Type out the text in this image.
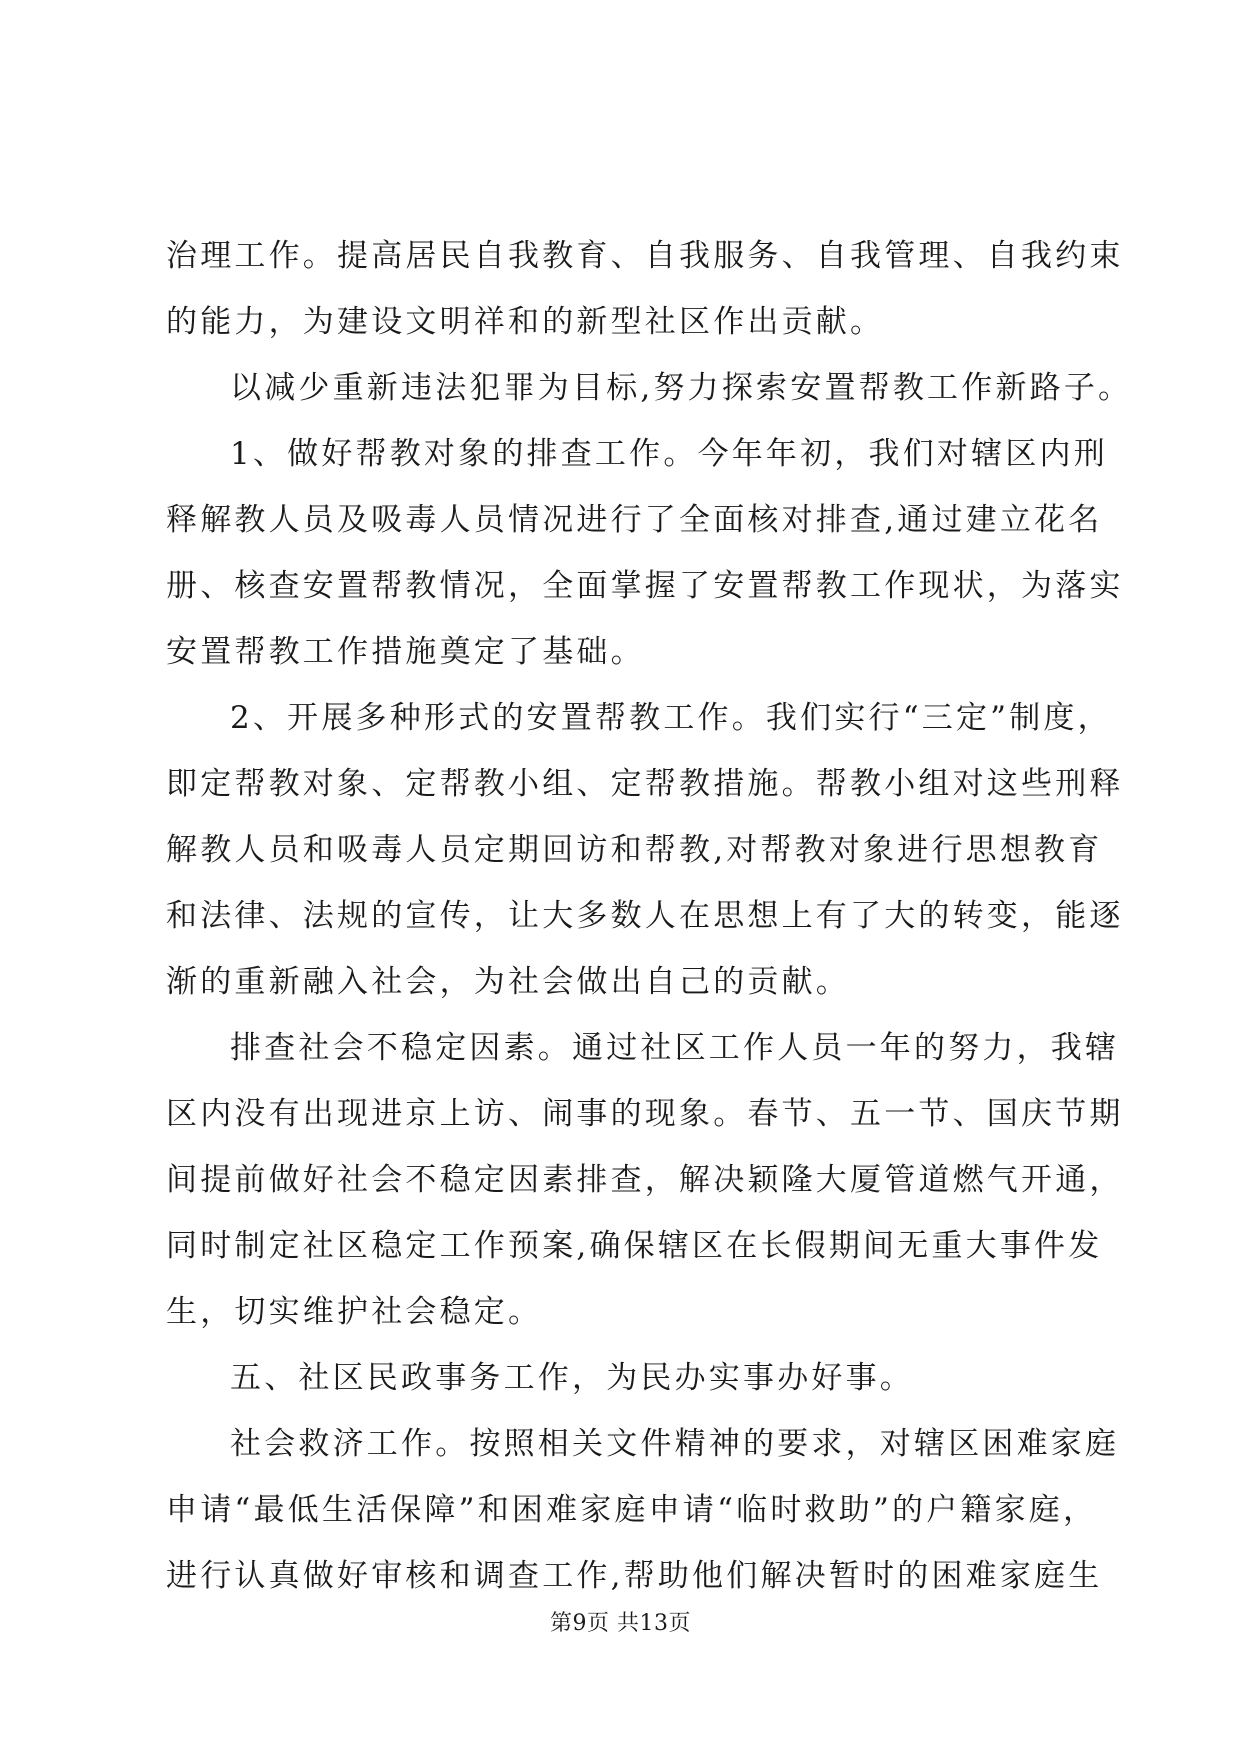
治理工作。提高居民自我教育、自我服务、自我管理、自我约束
的能力，为建设文明祥和的新型社区作出贡献。
以减少重新违法犯罪为目标,努力探索安置帮教工作新路子。
1、做好帮教对象的排查工作。今年年初，我们对辖区内刑
释解教人员及吸毒人员情况进行了全面核对排查,通过建立花名
册、核查安置帮教情况，全面掌握了安置帮教工作现状，为落实
安置帮教工作措施奠定了基础。
2、开展多种形式的安置帮教工作。我们实行“三定”制度，
即定帮教对象、定帮教小组、定帮教措施。帮教小组对这些刑释
解教人员和吸毒人员定期回访和帮教,对帮教对象进行思想教育
和法律、法规的宣传，让大多数人在思想上有了大的转变，能逐
渐的重新融入社会，为社会做出自己的贡献。
排查社会不稳定因素。通过社区工作人员一年的努力，我辖
区内没有出现进京上访、闹事的现象。春节、五一节、国庆节期
间提前做好社会不稳定因素排查，解决颖隆大厦管道燃气开通，
同时制定社区稳定工作预案,确保辖区在长假期间无重大事件发
生，切实维护社会稳定。
五、社区民政事务工作，为民办实事办好事。
社会救济工作。按照相关文件精神的要求，对辖区困难家庭
申请“最低生活保障”和困难家庭申请“临时救助”的户籍家庭，
进行认真做好审核和调查工作,帮助他们解决暂时的困难家庭生
第9页 共13页
